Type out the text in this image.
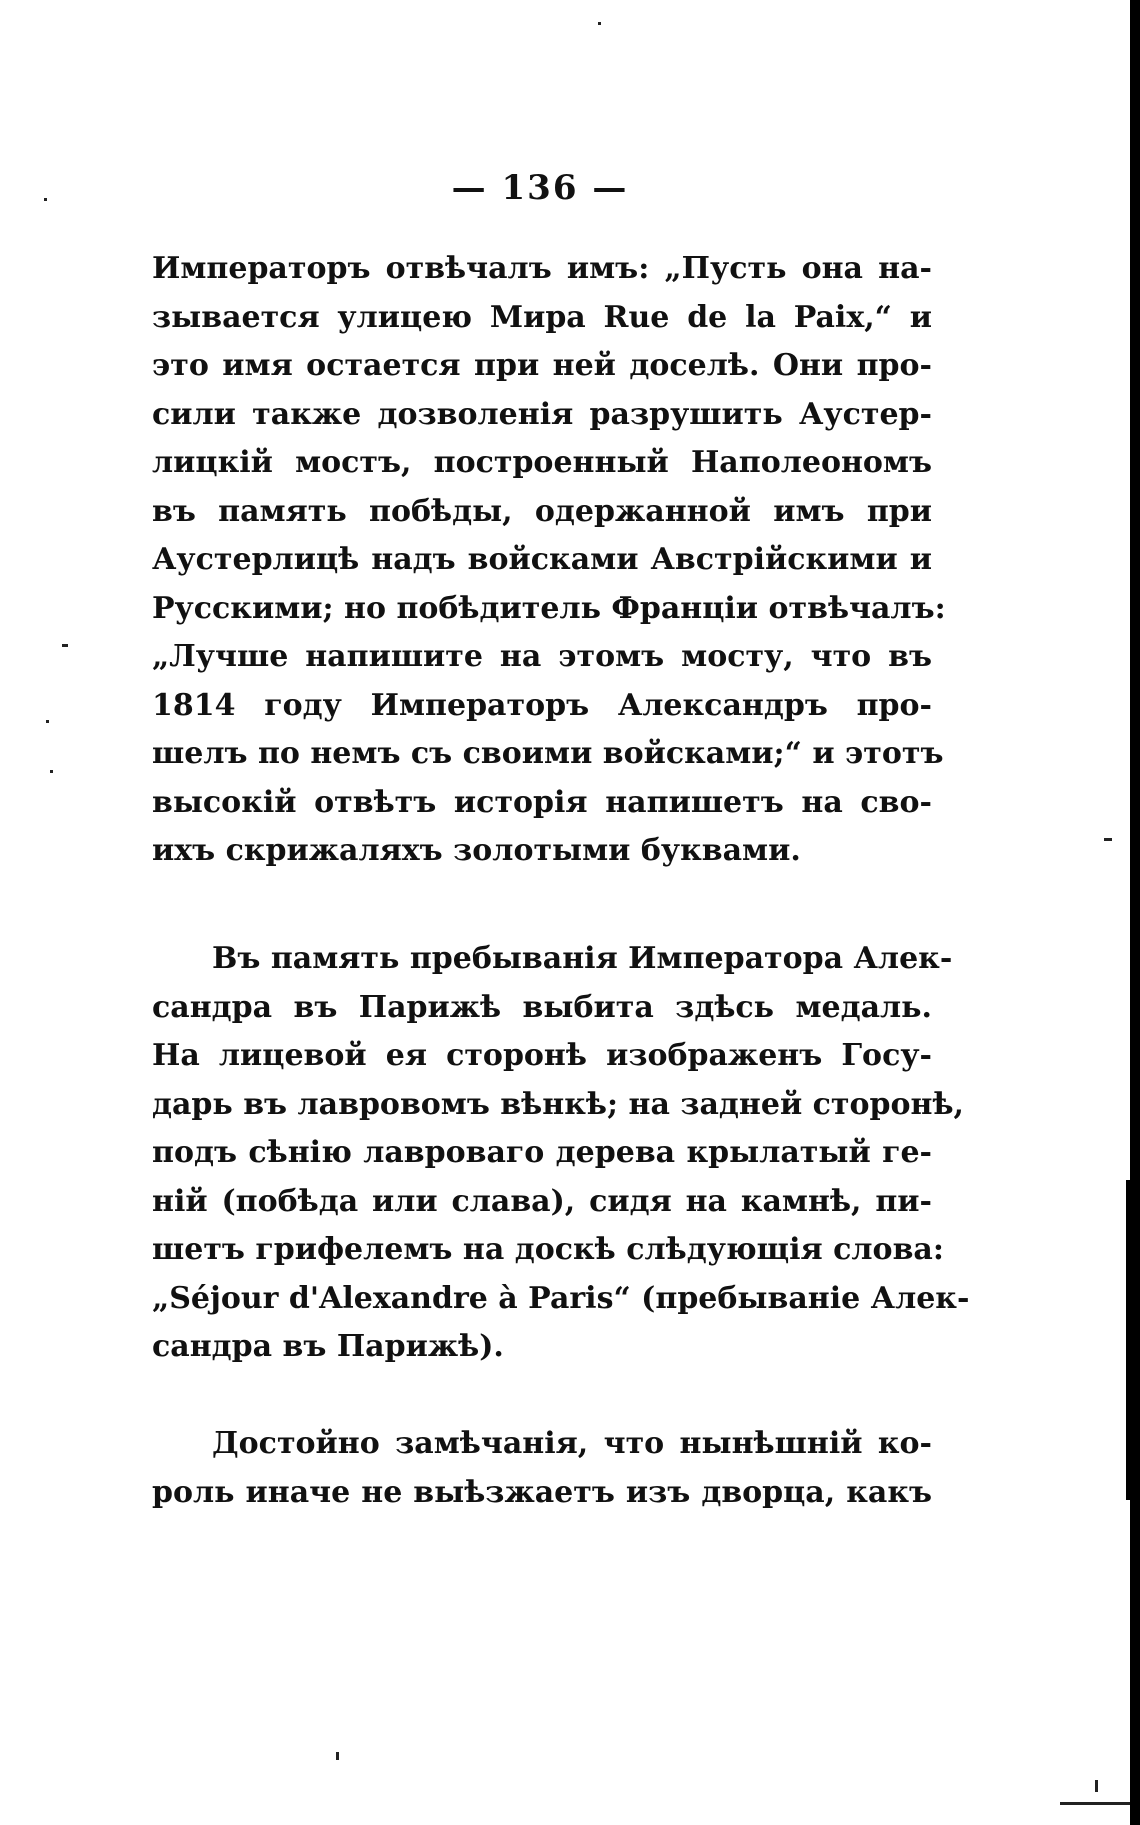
— 136 —
Императоръ отвѣчалъ имъ: „Пусть она на-
зывается улицею Мира Rue de la Paix,“ и
это имя остается при ней доселѣ. Они про-
сили также дозволенія разрушить Аустер-
лицкій мостъ, построенный Наполеономъ
въ память побѣды, одержанной имъ при
Аустерлицѣ надъ войсками Австрійскими и
Русскими; но побѣдитель Франціи отвѣчалъ:
„Лучше напишите на этомъ мосту, что въ
1814 году Императоръ Александръ про-
шелъ по немъ съ своими войсками;“ и этотъ
высокій отвѣтъ исторія напишетъ на сво-
ихъ скрижаляхъ золотыми буквами.
Въ память пребыванія Императора Алек-
сандра въ Парижѣ выбита здѣсь медаль.
На лицевой ея сторонѣ изображенъ Госу-
дарь въ лавровомъ вѣнкѣ; на задней сторонѣ,
подъ сѣнію лавроваго дерева крылатый ге-
ній (побѣда или слава), сидя на камнѣ, пи-
шетъ грифелемъ на доскѣ слѣдующія слова:
„Séjour d'Alexandre à Paris“ (пребываніе Алек-
сандра въ Парижѣ).
Достойно замѣчанія, что нынѣшній ко-
роль иначе не выѣзжаетъ изъ дворца, какъ
